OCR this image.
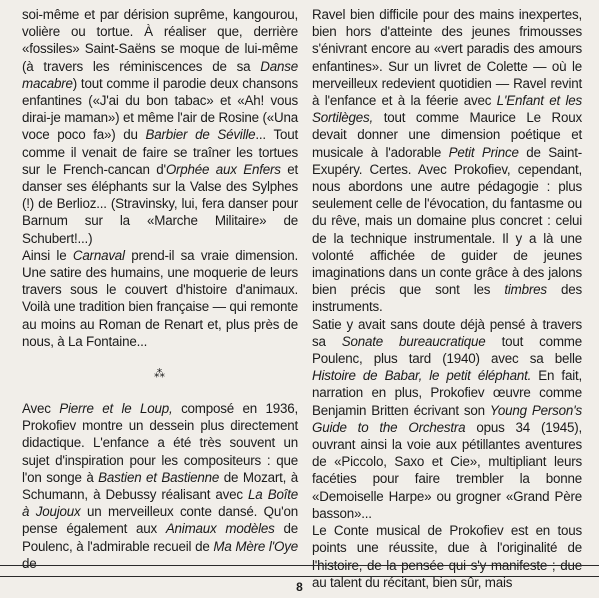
soi-même et par dérision suprême, kangourou, volière ou tortue. À réaliser que, derrière «fossiles» Saint-Saëns se moque de lui-même (à travers les réminiscences de sa Danse macabre) tout comme il parodie deux chansons enfantines («J'ai du bon tabac» et «Ah! vous dirai-je maman») et même l'air de Rosine («Una voce poco fa») du Barbier de Séville... Tout comme il venait de faire se traîner les tortues sur le French-cancan d'Orphée aux Enfers et danser ses éléphants sur la Valse des Sylphes (!) de Berlioz... (Stravinsky, lui, fera danser pour Barnum sur la «Marche Militaire» de Schubert!...)

Ainsi le Carnaval prend-il sa vraie dimension. Une satire des humains, une moquerie de leurs travers sous le couvert d'histoire d'animaux. Voilà une tradition bien française — qui remonte au moins au Roman de Renart et, plus près de nous, à La Fontaine...

⁂

Avec Pierre et le Loup, composé en 1936, Prokofiev montre un dessein plus directement didactique. L'enfance a été très souvent un sujet d'inspiration pour les compositeurs : que l'on songe à Bastien et Bastienne de Mozart, à Schumann, à Debussy réalisant avec La Boîte à Joujoux un merveilleux conte dansé. Qu'on pense également aux Animaux modèles de Poulenc, à l'admirable recueil de Ma Mère l'Oye de

Ravel bien difficile pour des mains inexpertes, bien hors d'atteinte des jeunes frimousses s'énivrant encore au «vert paradis des amours enfantines». Sur un livret de Colette — où le merveilleux redevient quotidien — Ravel revint à l'enfance et à la féerie avec L'Enfant et les Sortilèges, tout comme Maurice Le Roux devait donner une dimension poétique et musicale à l'adorable Petit Prince de Saint-Exupéry. Certes. Avec Prokofiev, cependant, nous abordons une autre pédagogie : plus seulement celle de l'évocation, du fantasme ou du rêve, mais un domaine plus concret : celui de la technique instrumentale. Il y a là une volonté affichée de guider de jeunes imaginations dans un conte grâce à des jalons bien précis que sont les timbres des instruments.

Satie y avait sans doute déjà pensé à travers sa Sonate bureaucratique tout comme Poulenc, plus tard (1940) avec sa belle Histoire de Babar, le petit éléphant. En fait, narration en plus, Prokofiev œuvre comme Benjamin Britten écrivant son Young Person's Guide to the Orchestra opus 34 (1945), ouvrant ainsi la voie aux pétillantes aventures de «Piccolo, Saxo et Cie», multipliant leurs facéties pour faire trembler la bonne «Demoiselle Harpe» ou grogner «Grand Père basson»...

Le Conte musical de Prokofiev est en tous points une réussite, due à l'originalité de l'histoire, de la pensée qui s'y manifeste ; due au talent du récitant, bien sûr, mais

8
